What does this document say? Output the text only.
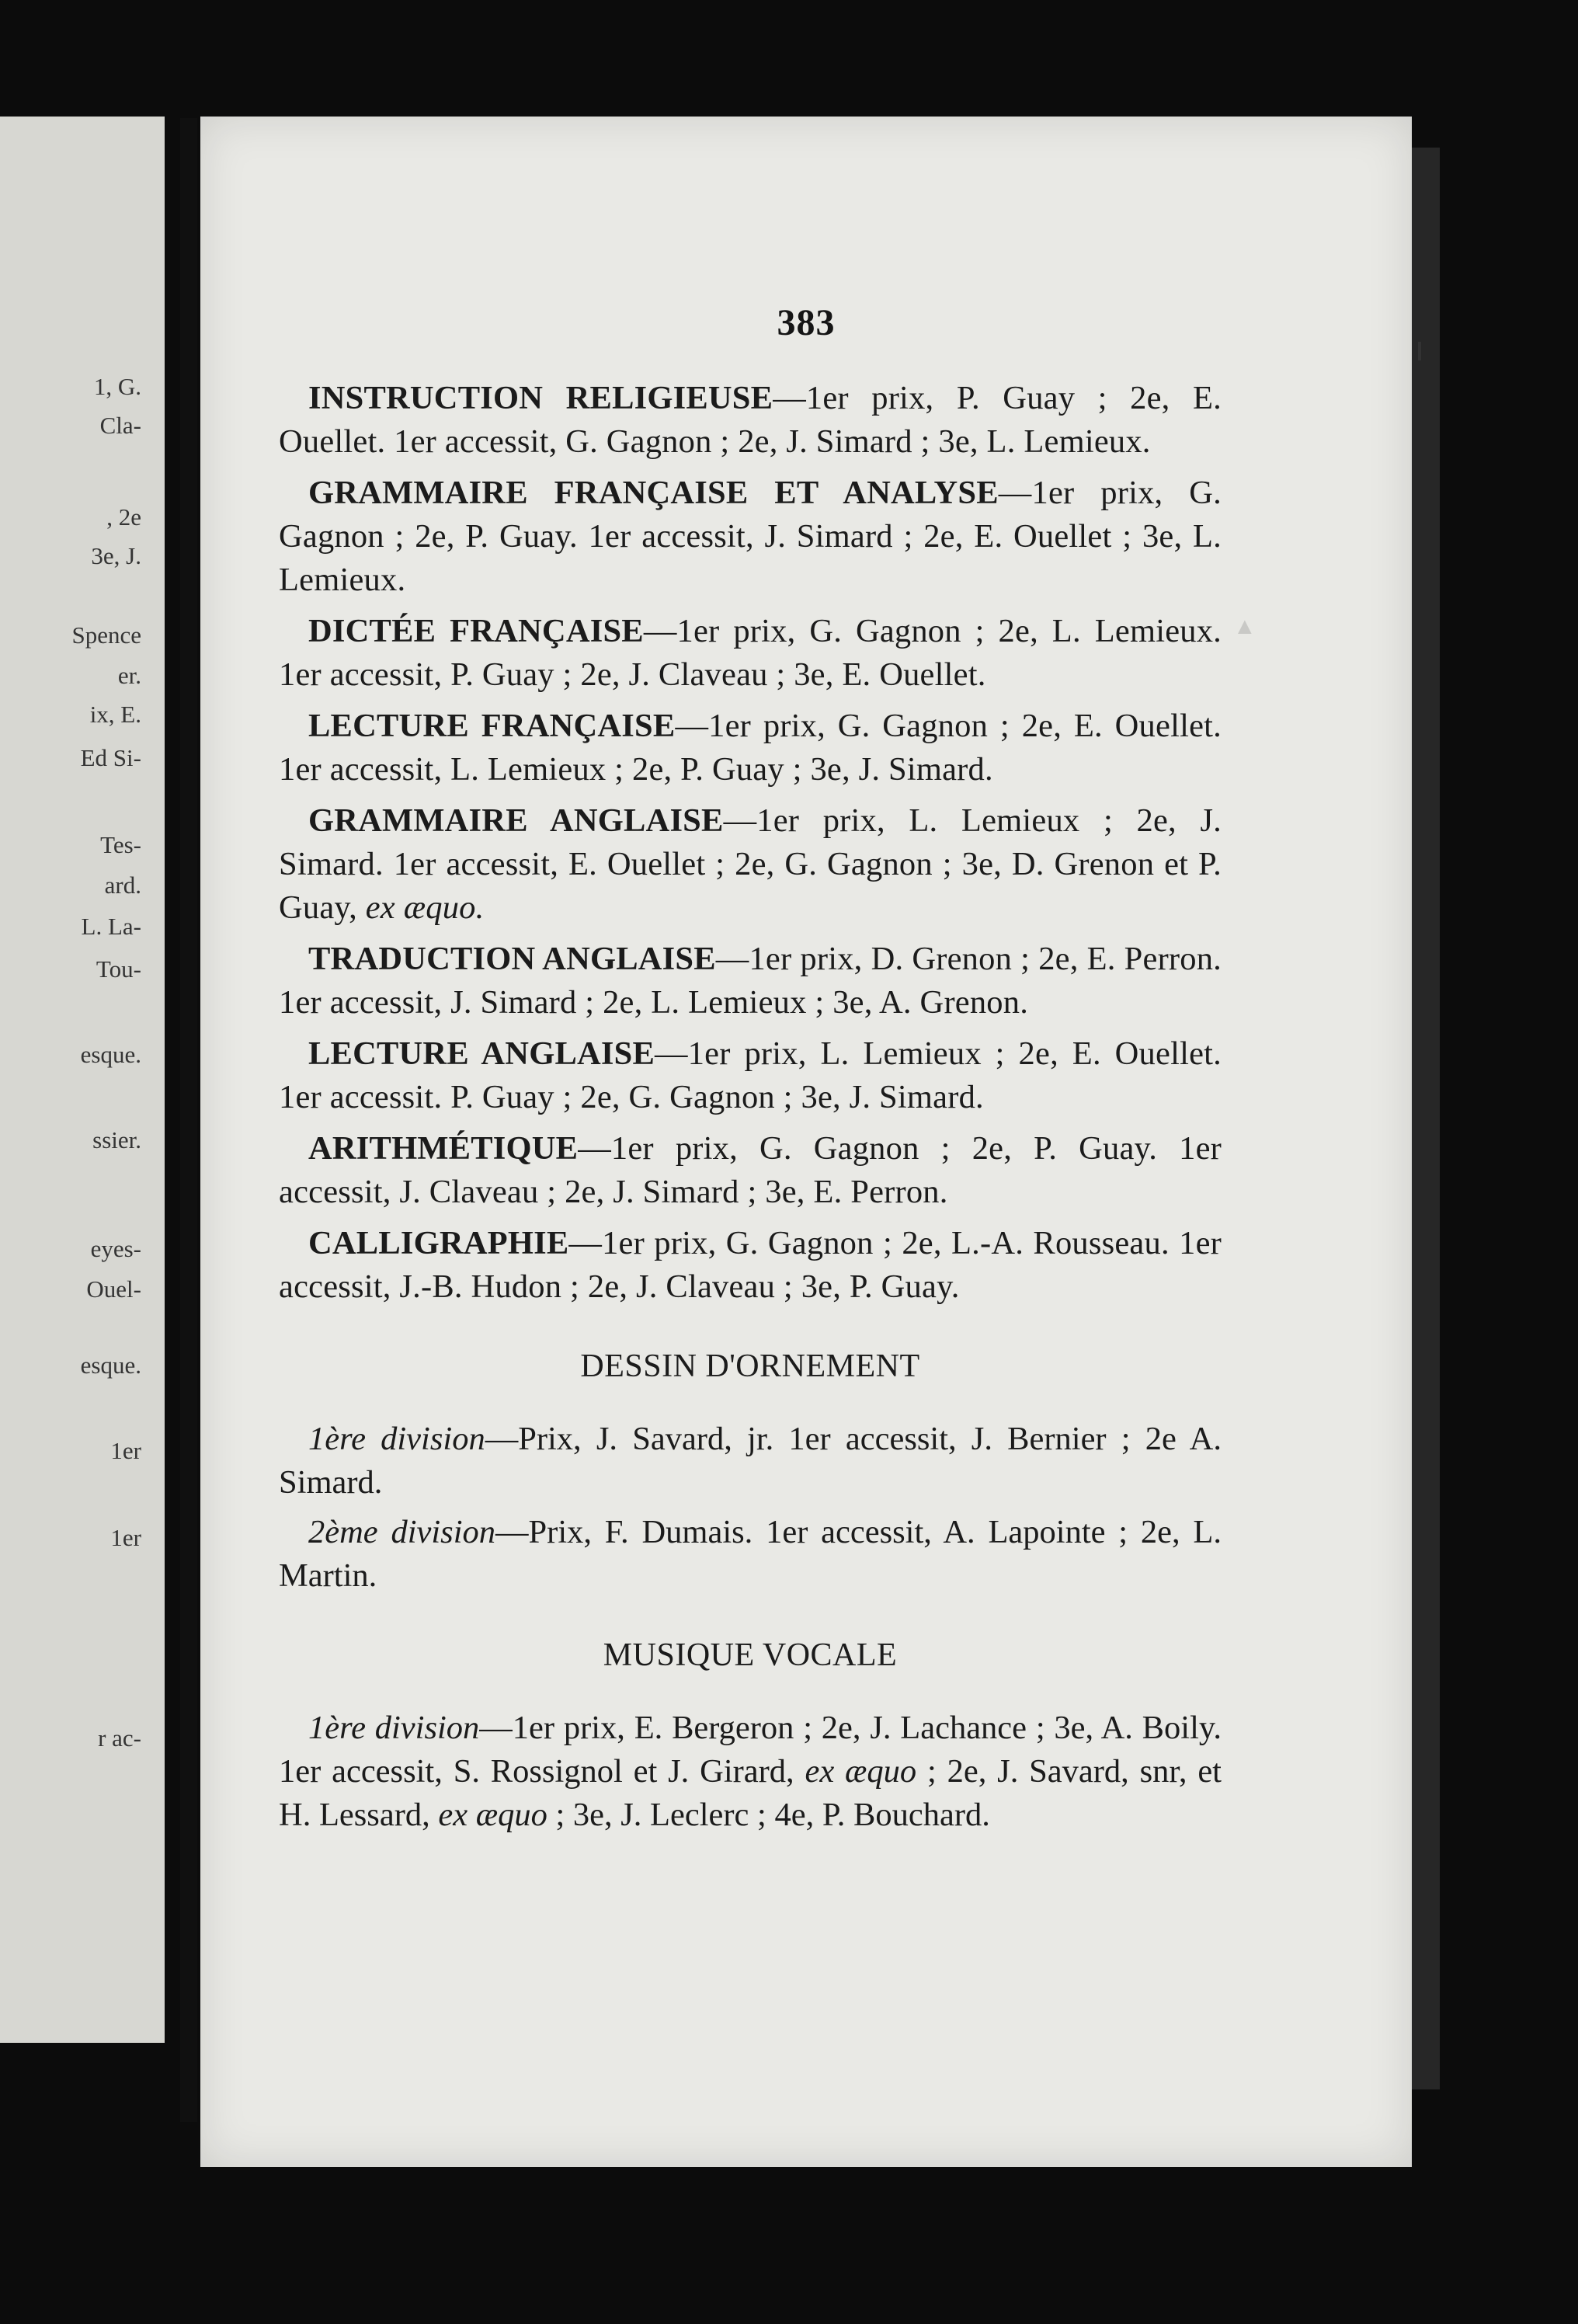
1, G.
Cla-
, 2e
3e, J.
Spence
er.
ix, E.
Ed Si-
Tes-
ard.
L. La-
Tou-
esque.
ssier.
eyes-
Ouel-
esque.
1er
1er
r ac-
▲
383

INSTRUCTION RELIGIEUSE—1er prix, P. Guay ; 2e, E. Ouellet. 1er accessit, G. Gagnon ; 2e, J. Simard ; 3e, L. Lemieux.

GRAMMAIRE FRANÇAISE ET ANALYSE—1er prix, G. Gagnon ; 2e, P. Guay. 1er accessit, J. Simard ; 2e, E. Ouellet ; 3e, L. Lemieux.

DICTÉE FRANÇAISE—1er prix, G. Gagnon ; 2e, L. Lemieux. 1er accessit, P. Guay ; 2e, J. Claveau ; 3e, E. Ouellet.

LECTURE FRANÇAISE—1er prix, G. Gagnon ; 2e, E. Ouellet. 1er accessit, L. Lemieux ; 2e, P. Guay ; 3e, J. Simard.

GRAMMAIRE ANGLAISE—1er prix, L. Lemieux ; 2e, J. Simard. 1er accessit, E. Ouellet ; 2e, G. Gagnon ; 3e, D. Grenon et P. Guay, ex æquo.

TRADUCTION ANGLAISE—1er prix, D. Grenon ; 2e, E. Perron. 1er accessit, J. Simard ; 2e, L. Lemieux ; 3e, A. Grenon.

LECTURE ANGLAISE—1er prix, L. Lemieux ; 2e, E. Ouellet. 1er accessit. P. Guay ; 2e, G. Gagnon ; 3e, J. Simard.

ARITHMÉTIQUE—1er prix, G. Gagnon ; 2e, P. Guay. 1er accessit, J. Claveau ; 2e, J. Simard ; 3e, E. Perron.

CALLIGRAPHIE—1er prix, G. Gagnon ; 2e, L.-A. Rousseau. 1er accessit, J.-B. Hudon ; 2e, J. Claveau ; 3e, P. Guay.

DESSIN D'ORNEMENT

1ère division—Prix, J. Savard, jr. 1er accessit, J. Bernier ; 2e A. Simard.

2ème division—Prix, F. Dumais. 1er accessit, A. Lapointe ; 2e, L. Martin.

MUSIQUE VOCALE

1ère division—1er prix, E. Bergeron ; 2e, J. Lachance ; 3e, A. Boily. 1er accessit, S. Rossignol et J. Girard, ex æquo ; 2e, J. Savard, snr, et H. Lessard, ex æquo ; 3e, J. Leclerc ; 4e, P. Bouchard.
